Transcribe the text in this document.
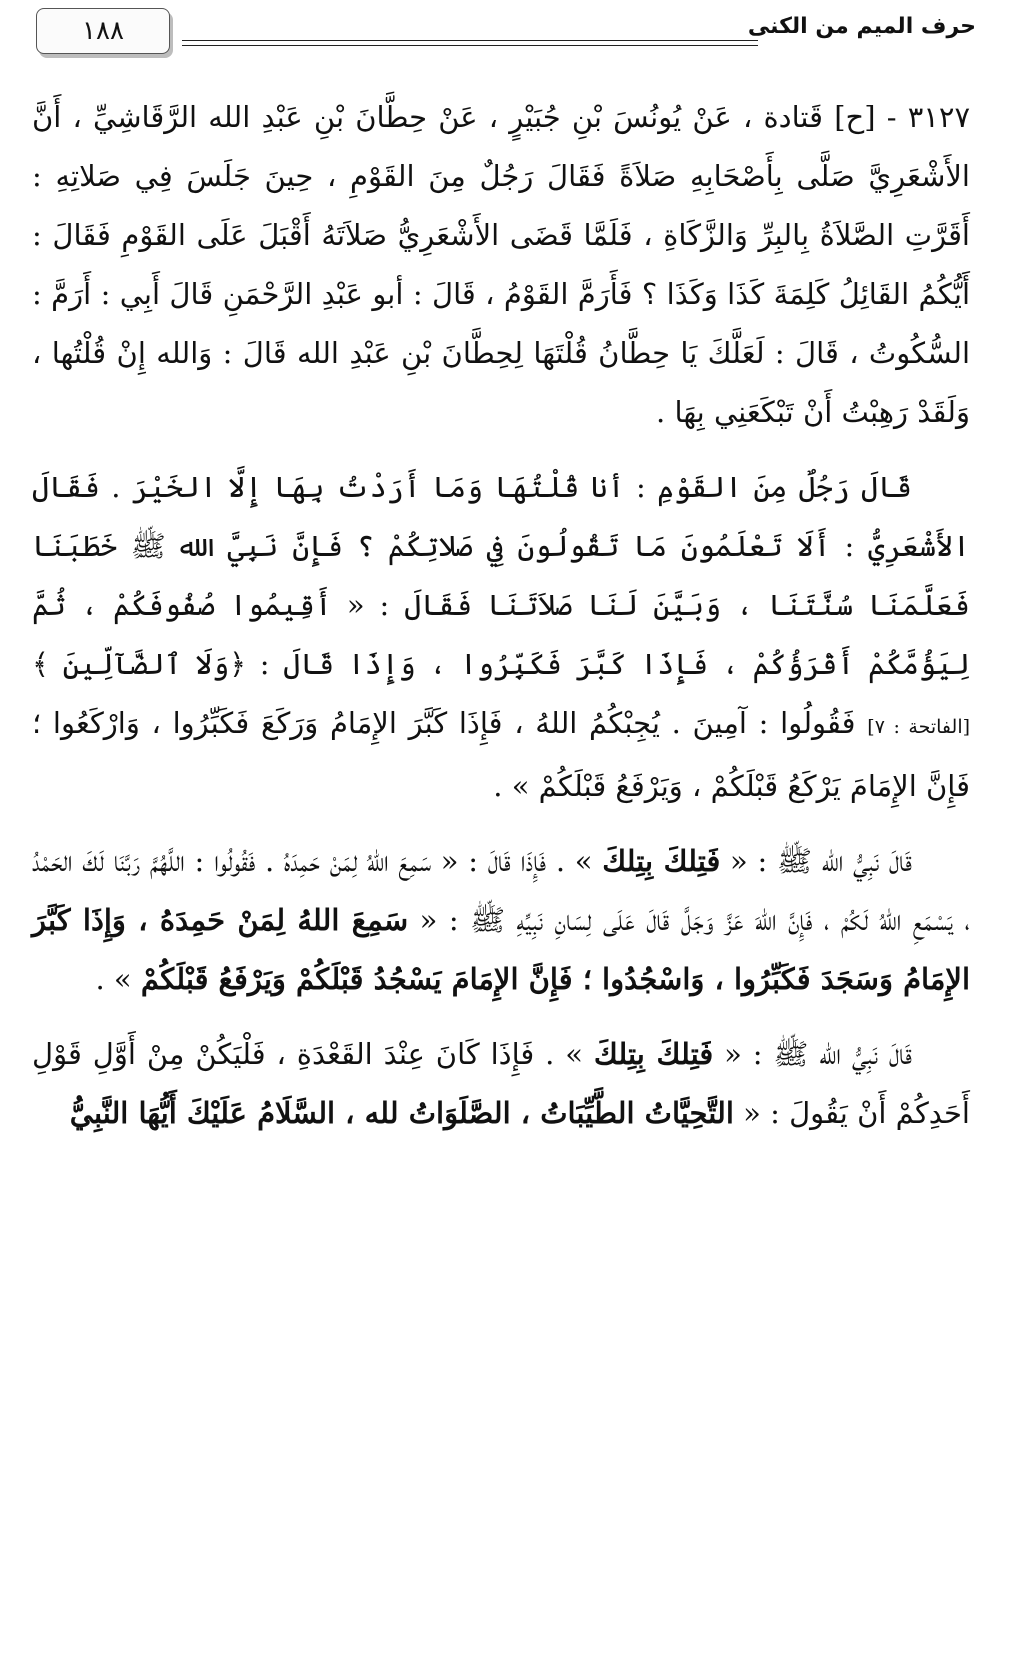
حرف الميم من الكنى
١٨٨

٣١٢٧ - [ح] قَتادة ، عَنْ يُونُسَ بْنِ جُبَيْرٍ ، عَنْ حِطَّانَ بْنِ عَبْدِ الله الرَّقَاشِيِّ ، أَنَّ الأَشْعَرِيَّ صَلَّى بِأَصْحَابِهِ صَلاَةً فَقَالَ رَجُلٌ مِنَ القَوْمِ ، حِينَ جَلَسَ فِي صَلاتِهِ : أَقَرَّتِ الصَّلاَةُ بِالبِرِّ وَالزَّكَاةِ ، فَلَمَّا قَضَى الأَشْعَرِيُّ صَلاَتَهُ أَقْبَلَ عَلَى القَوْمِ فَقَالَ : أَيُّكُمُ القَائِلُ كَلِمَةَ كَذَا وَكَذَا ؟ فَأَرَمَّ القَوْمُ ، قَالَ : أبو عَبْدِ الرَّحْمَنِ قَالَ أَبِي : أَرَمَّ : السُّكُوتُ ، قَالَ : لَعَلَّكَ يَا حِطَّانُ قُلْتَهَا لِحِطَّانَ بْنِ عَبْدِ الله قَالَ : وَالله إِنْ قُلْتُها ، وَلَقَدْ رَهِبْتُ أَنْ تَبْكَعَنِي بِهَا .

قَالَ رَجُلٌ مِنَ القَوْمِ : أنا قُلْتُهَا وَمَا أَرَدْتُ بِهَا إِلَّا الخَيْرَ . فَقَالَ الأَشْعَرِيُّ : أَلَا تَعْلَمُونَ مَا تَقُولُونَ فِي صَلاتِكُمْ ؟ فَإِنَّ نَبِيَّ الله ﷺ خَطَبَنَا فَعَلَّمَنَا سُنَّتَنَا ، وَبَيَّنَ لَنَا صَلاَتَنَا فَقَالَ : « أَقِيمُوا صُفُوفَكُمْ ، ثُمَّ لِيَؤُمَّكُمْ أَقْرَؤُكُمْ ، فَإِذَا كَبَّرَ فَكَبِّرُوا ، وَإِذَا قَالَ : ﴿وَلَا ٱلضَّآلِّينَ ﴾ [الفاتحة : ٧] فَقُولُوا : آمِينَ . يُجِبْكُمُ اللهُ ، فَإِذَا كَبَّرَ الإِمَامُ وَرَكَعَ فَكَبِّرُوا ، وَارْكَعُوا ؛ فَإِنَّ الإِمَامَ يَرْكَعُ قَبْلَكُمْ ، وَيَرْفَعُ قَبْلَكُمْ » .

قَالَ نَبِيُّ الله ﷺ : « فَتِلكَ بِتِلكَ » . فَإِذَا قَالَ : « سَمِعَ اللهُ لِمَنْ حَمِدَهُ . فَقُولُوا : اللَّهُمَّ رَبَّنَا لَكَ الحَمْدُ ، يَسْمَعِ اللهُ لَكُمْ ، فَإِنَّ اللهَ عَزَّ وَجَلَّ قَالَ عَلَى لِسَانِ نَبِيِّهِ ﷺ : « سَمِعَ اللهُ لِمَنْ حَمِدَهُ ، وَإِذَا كَبَّرَ الإِمَامُ وَسَجَدَ فَكَبِّرُوا ، وَاسْجُدُوا ؛ فَإِنَّ الإِمَامَ يَسْجُدُ قَبْلَكُمْ وَيَرْفَعُ قَبْلَكُمْ » .

قَالَ نَبِيُّ الله ﷺ : « فَتِلكَ بِتِلكَ » . فَإِذَا كَانَ عِنْدَ القَعْدَةِ ، فَلْيَكُنْ مِنْ أَوَّلِ قَوْلِ أَحَدِكُمْ أَنْ يَقُولَ : « التَّحِيَّاتُ الطَّيِّبَاتُ ، الصَّلَوَاتُ لله ، السَّلَامُ عَلَيْكَ أَيُّهَا النَّبِيُّ
